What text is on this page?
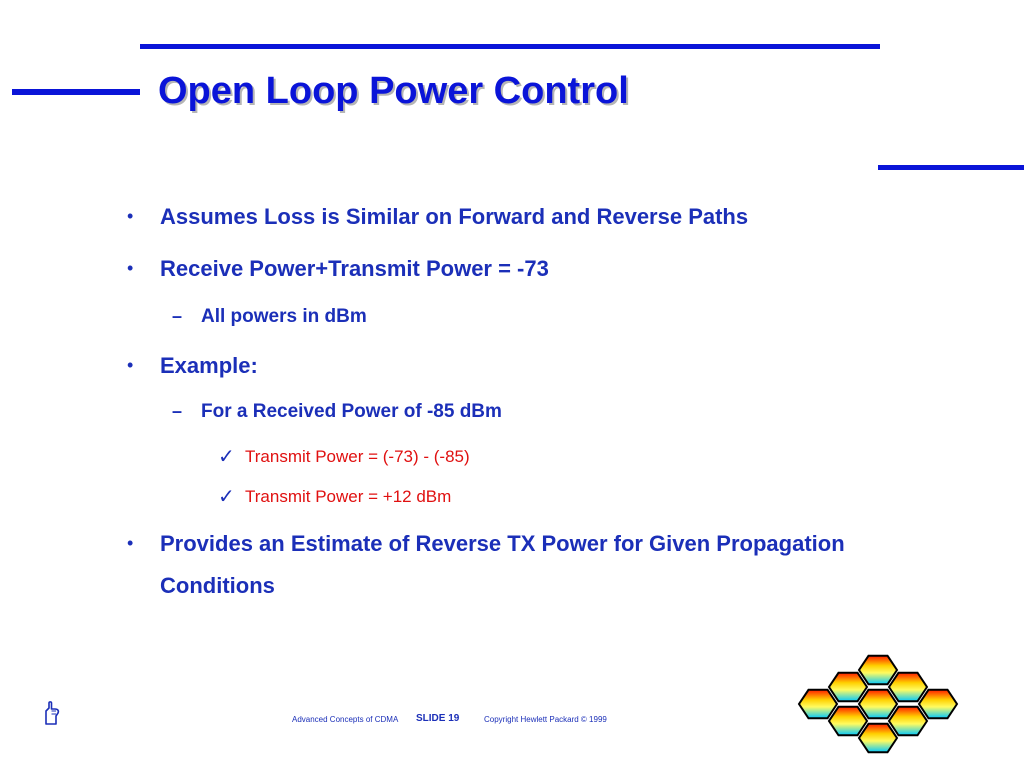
Open Loop Power Control
• Assumes Loss is Similar on Forward and Reverse Paths
• Receive Power+Transmit Power = -73
– All powers in dBm
• Example:
– For a Received Power of -85 dBm
✓ Transmit Power = (-73) - (-85)
✓ Transmit Power = +12 dBm
• Provides an Estimate of Reverse TX Power for Given Propagation
Conditions
Advanced Concepts of CDMA SLIDE 19	Copyright Hewlett Packard © 1999
